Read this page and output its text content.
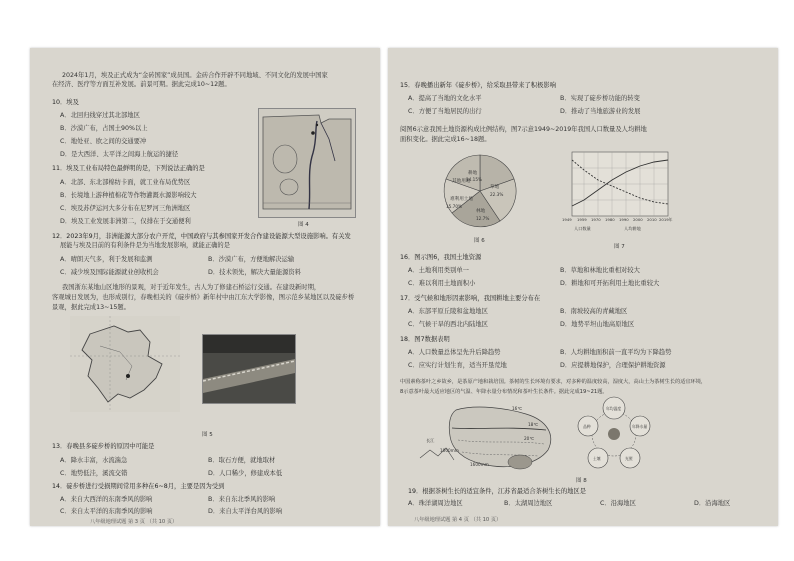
2024年1月，埃及正式成为“金砖国家”成员国。金砖合作开辟不同地域、不同文化的发展中国家
在经济、医疗等方面互补发展。前景可期。据此完成10~12题。
10．埃及
A．北回归线穿过其北部地区
B．沙漠广布，占国土90%以上
C．地处亚、欧之间的交通要冲
D．是大西洋、太平洋之间海上航运的捷径
11．埃及工业布局特色最鲜明的是，下列说法正确的是
A．北部、东北部棉纺卡面，就工业布局优势区
B．长境地上游种植棉花等作物灌溉水源影响较大
C．埃及苏伊运河大多分布在尼罗河三角洲地区
D．埃及工业发展非洲第二，仅排在于交通便利	图 4
12．2023年9月，非洲能源大部分农户开荒，中国政府与其参国家开发合作建设能源大型设施影响。有关发
展能与埃及目前的有利条件是为当地发展影响，就能正确的是
A．晴朗天气多，利于发展和监测	B．沙漠广布，方便地解决运输
C．减少埃及国际能源就业创收机会	D．技术领先，解决大量能源资料
我国浙东某地山区地形的景观，对于近年发生，古人为了修建石桥运行交通。在建设新时期，
客观城日发展为，也形成别行，春晚相关的《碇步桥》新年村中由江东大学影像，图示范乡某地区以及碇步桥
景观，据此完成13~15题。
图 5
13．春晚县多碇步桥的原因中可能是
A．降水丰富，水流湍急	B．取石方便，就地取材
C．地势低洼，溪流交错	D．人口稀少，修建成本低
14．碇步桥进行受损期间常用多种在6~8月，主要是因为受到
A．来自大西洋的东南季风的影响	B．来自东北季风的影响
C．来自太平洋的东南季风的影响	D．来自太平洋台风的影响
八年级地理试题 第 3 页 （共 10 页）
15．春晚播出新年《碇步桥》，给采取县带来了积极影响
A．提高了当地的文化水平	B．实现了碇步桥功能的转变
C．方便了当地居民的出行	D．推动了当地旅游业的发展
阅图6示意我国土地资源构成比例结构，图7示意1949~2019年我国人口数量及人均耕地
面积变化。据此完成16~18题。
耕地
草地
林地
难利用土地
其他用地
14.15%
22.3%
12.7%
15.70%
图 6
1949 1959 1970 1980 1990 2000 2010 2019年
人口数量	人均耕地
图 7
16．图示图6，我国土地资源
A．土地利用类别单一	B．草地和林地比重相对较大
C．难以利用土地面积小	D．耕地和可开拓利用土地比重较大
17．受气候和地形因素影响，我国耕地主要分布在
A．东部平原丘陵和盆地地区	B．南坡较高的青藏地区
C．气候干旱的西北内陆地区	D．地势平坦山地高原地区
18．图7数据表明
A．人口数量总体呈先升后降趋势	B．人均耕地面积前一直平均为下降趋势
C．应实行计划生育，适当开垦荒地	D．应提耕地保护，合理保护耕地资源
中国素称茶叶之乡故乡，是茶原产地和栽培国。茶树的生长环境有要求，对多种的温度较高，湿度大，高山土为茶树生长的适宜环境，
8示意茶叶最大适应地区的气温、年降水量分布情况和茶叶生长条件。据此完成19~21题。
16℃
18℃
20℃
1000mm
1600mm
长江
年均温度
年降水量
光照
土壤
品种
图 8
19．根据茶树生长的适宜条件，江苏省最适合茶树生长的地区是
A．珠洋湖周边地区	B．太湖周边地区	C．沿海地区	D．沿海地区
八年级地理试题 第 4 页 （共 10 页）
